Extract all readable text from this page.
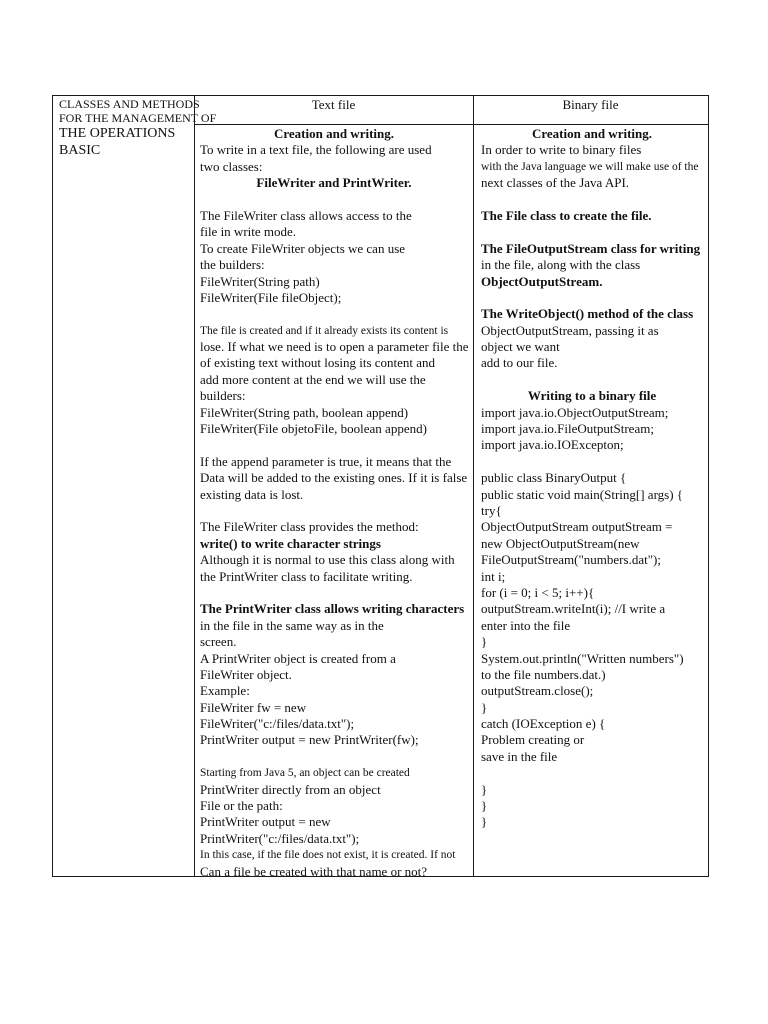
CLASSES AND METHODS
FOR THE MANAGEMENT OF
THE OPERATIONS
BASIC
Text file	Binary file
Creation and writing.
To write in a text file, the following are used
two classes:
FileWriter and PrintWriter.
The FileWriter class allows access to the
file in write mode.
To create FileWriter objects we can use
the builders:
FileWriter(String path)
FileWriter(File fileObject);
The file is created and if it already exists its content is
lose. If what we need is to open a parameter file the
of existing text without losing its content and
add more content at the end we will use the
builders:
FileWriter(String path, boolean append)
FileWriter(File objetoFile, boolean append)
If the append parameter is true, it means that the
Data will be added to the existing ones. If it is false
existing data is lost.
The FileWriter class provides the method:
write() to write character strings
Although it is normal to use this class along with
the PrintWriter class to facilitate writing.
The PrintWriter class allows writing characters
in the file in the same way as in the
screen.
A PrintWriter object is created from a
FileWriter object.
Example:
FileWriter fw = new
FileWriter("c:/files/data.txt");
PrintWriter output = new PrintWriter(fw);
Starting from Java 5, an object can be created
PrintWriter directly from an object
File or the path:
PrintWriter output = new
PrintWriter("c:/files/data.txt");
In this case, if the file does not exist, it is created. If not
Can a file be created with that name or not?
Creation and writing.
In order to write to binary files
with the Java language we will make use of the
next classes of the Java API.
The File class to create the file.
The FileOutputStream class for writing
in the file, along with the class
ObjectOutputStream.
The WriteObject() method of the class
ObjectOutputStream, passing it as
object we want
add to our file.
Writing to a binary file
import java.io.ObjectOutputStream;
import java.io.FileOutputStream;
import java.io.IOExcepton;
public class BinaryOutput {
public static void main(String[] args) {
try{
ObjectOutputStream outputStream =
new ObjectOutputStream(new
FileOutputStream("numbers.dat");
int i;
for (i = 0; i < 5; i++){
outputStream.writeInt(i); //I write a
enter into the file
}
System.out.println("Written numbers")
to the file numbers.dat.)
outputStream.close();
}
catch (IOException e) {
Problem creating or
save in the file
}
}
}
